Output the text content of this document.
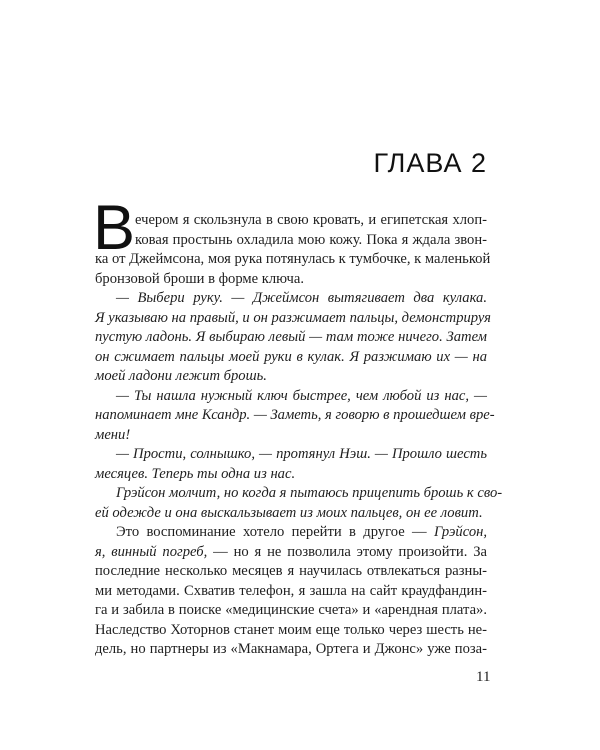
ГЛАВА 2
В ечером я скользнула в свою кровать, и египетская хлоп-
ковая простынь охладила мою кожу. Пока я ждала звон-
ка от Джеймсона, моя рука потянулась к тумбочке, к маленькой
бронзовой броши в форме ключа.
— Выбери руку. — Джеймсон вытягивает два кулака.
Я указываю на правый, и он разжимает пальцы, демонстрируя
пустую ладонь. Я выбираю левый — там тоже ничего. Затем
он сжимает пальцы моей руки в кулак. Я разжимаю их — на
моей ладони лежит брошь.
— Ты нашла нужный ключ быстрее, чем любой из нас, —
напоминает мне Ксандр. — Заметь, я говорю в прошедшем вре-
мени!
— Прости, солнышко, — протянул Нэш. — Прошло шесть
месяцев. Теперь ты одна из нас.
Грэйсон молчит, но когда я пытаюсь прицепить брошь к сво-
ей одежде и она выскальзывает из моих пальцев, он ее ловит.
Это воспоминание хотело перейти в другое — Грэйсон,
я, винный погреб, — но я не позволила этому произойти. За
последние несколько месяцев я научилась отвлекаться разны-
ми методами. Схватив телефон, я зашла на сайт краудфандин-
га и забила в поиске «медицинские счета» и «арендная плата».
Наследство Хоторнов станет моим еще только через шесть не-
дель, но партнеры из «Макнамара, Ортега и Джонс» уже поза-
11
